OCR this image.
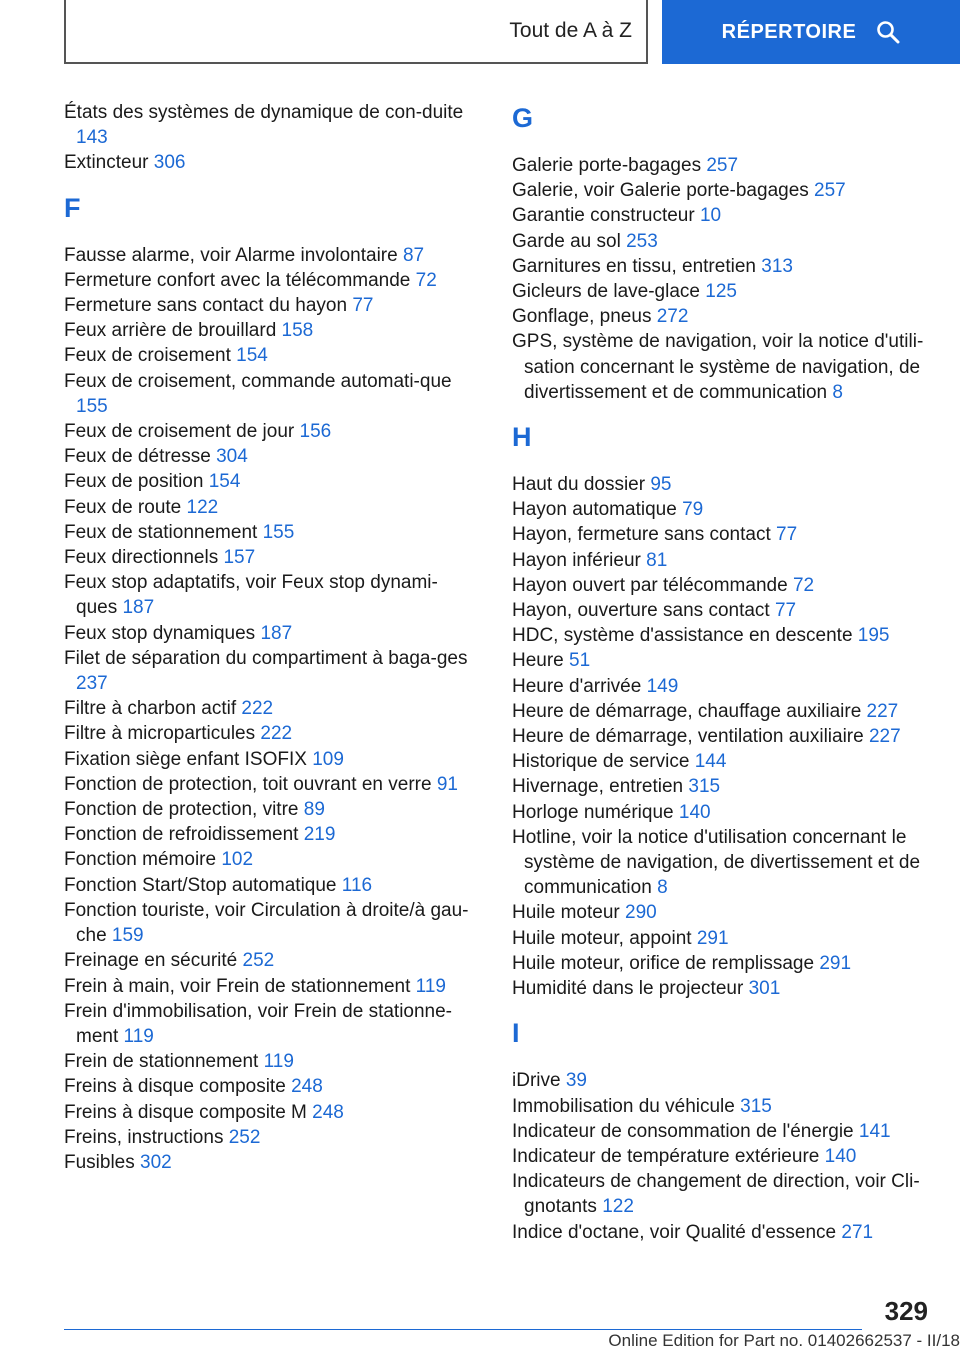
Tout de A à Z	RÉPERTOIRE
États des systèmes de dynamique de con‐duite 143
Extincteur 306
F
Fausse alarme, voir Alarme involontaire 87
Fermeture confort avec la télécommande 72
Fermeture sans contact du hayon 77
Feux arrière de brouillard 158
Feux de croisement 154
Feux de croisement, commande automati‐que 155
Feux de croisement de jour 156
Feux de détresse 304
Feux de position 154
Feux de route 122
Feux de stationnement 155
Feux directionnels 157
Feux stop adaptatifs, voir Feux stop dynami‐ques 187
Feux stop dynamiques 187
Filet de séparation du compartiment à baga‐ges 237
Filtre à charbon actif 222
Filtre à microparticules 222
Fixation siège enfant ISOFIX 109
Fonction de protection, toit ouvrant en verre 91
Fonction de protection, vitre 89
Fonction de refroidissement 219
Fonction mémoire 102
Fonction Start/Stop automatique 116
Fonction touriste, voir Circulation à droite/à gau‐che 159
Freinage en sécurité 252
Frein à main, voir Frein de stationnement 119
Frein d'immobilisation, voir Frein de stationne‐ment 119
Frein de stationnement 119
Freins à disque composite 248
Freins à disque composite M 248
Freins, instructions 252
Fusibles 302
G
Galerie porte-bagages 257
Galerie, voir Galerie porte-bagages 257
Garantie constructeur 10
Garde au sol 253
Garnitures en tissu, entretien 313
Gicleurs de lave-glace 125
Gonflage, pneus 272
GPS, système de navigation, voir la notice d'utili‐sation concernant le système de navigation, de divertissement et de communication 8
H
Haut du dossier 95
Hayon automatique 79
Hayon, fermeture sans contact 77
Hayon inférieur 81
Hayon ouvert par télécommande 72
Hayon, ouverture sans contact 77
HDC, système d'assistance en descente 195
Heure 51
Heure d'arrivée 149
Heure de démarrage, chauffage auxiliaire 227
Heure de démarrage, ventilation auxiliaire 227
Historique de service 144
Hivernage, entretien 315
Horloge numérique 140
Hotline, voir la notice d'utilisation concernant le système de navigation, de divertissement et de communication 8
Huile moteur 290
Huile moteur, appoint 291
Huile moteur, orifice de remplissage 291
Humidité dans le projecteur 301
I
iDrive 39
Immobilisation du véhicule 315
Indicateur de consommation de l'énergie 141
Indicateur de température extérieure 140
Indicateurs de changement de direction, voir Cli‐gnotants 122
Indice d'octane, voir Qualité d'essence 271
329
Online Edition for Part no. 01402662537 - II/18
